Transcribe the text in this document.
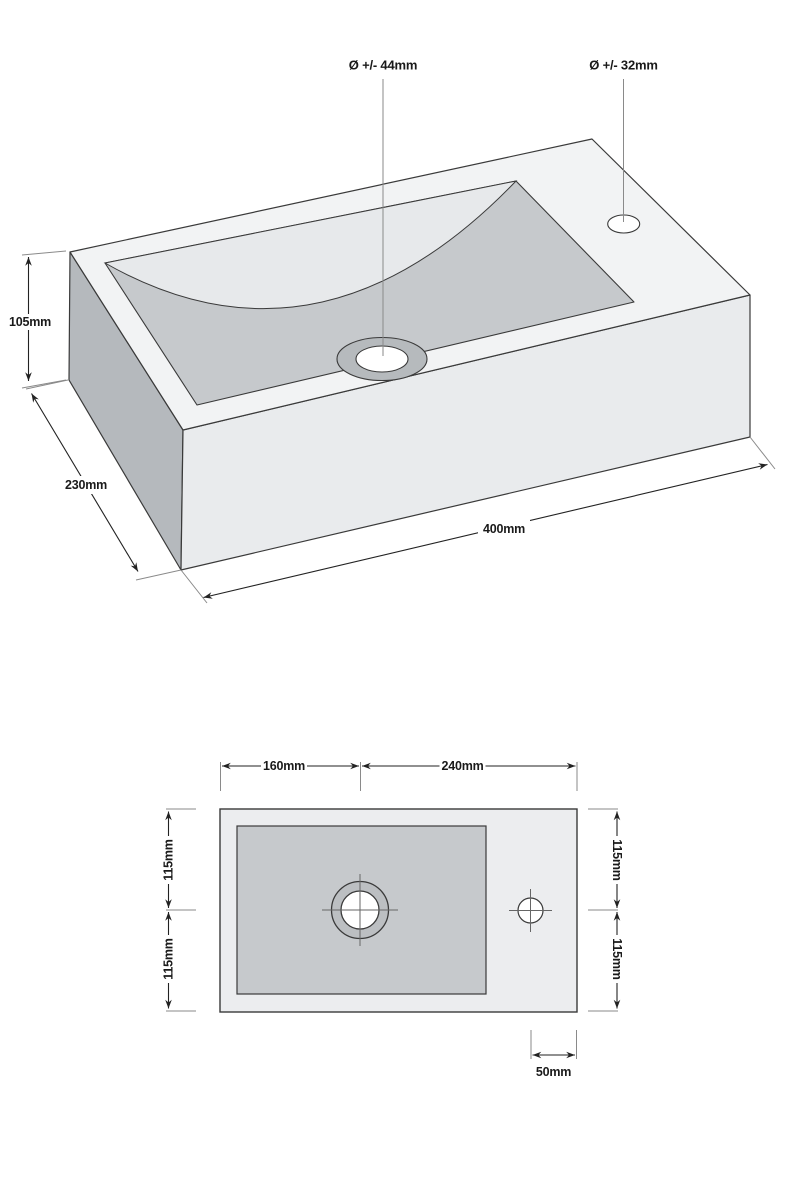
Ø +/- 44mm	Ø +/- 32mm
105mm
230mm
400mm
160mm	240mm
115mm
115mm
115mm
115mm
50mm
